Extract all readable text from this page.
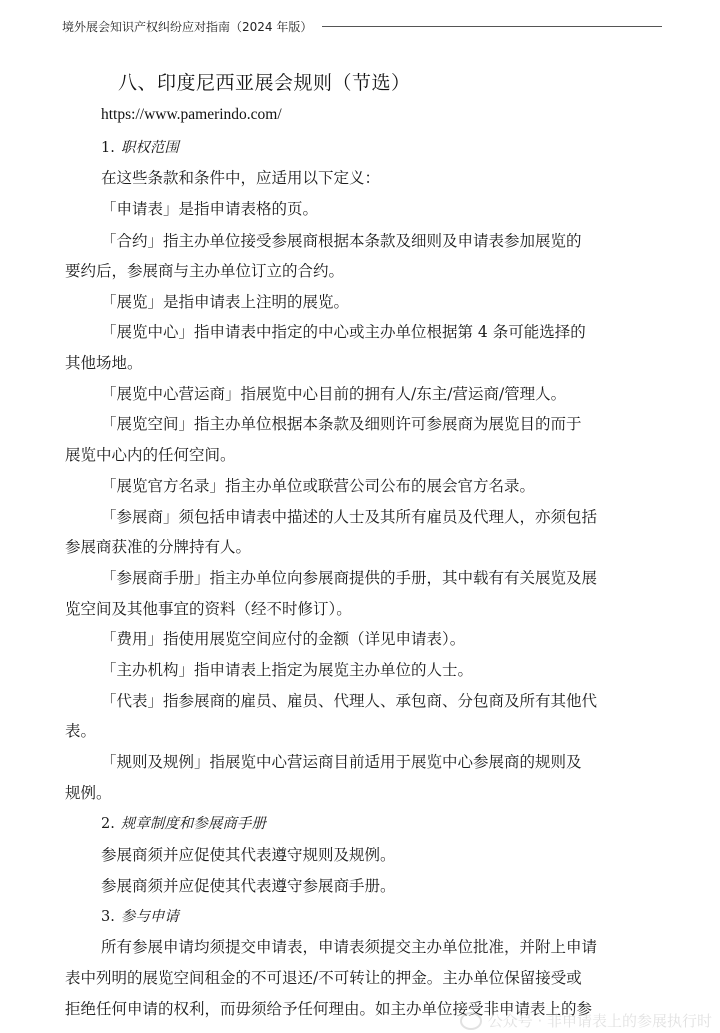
境外展会知识产权纠纷应对指南（2024 年版）
八、印度尼西亚展会规则（节选）
https://www.pamerindo.com/
1. 职权范围
在这些条款和条件中，应适用以下定义：
「申请表」是指申请表格的页。
「合约」指主办单位接受参展商根据本条款及细则及申请表参加展览的
要约后，参展商与主办单位订立的合约。
「展览」是指申请表上注明的展览。
「展览中心」指申请表中指定的中心或主办单位根据第 4 条可能选择的
其他场地。
「展览中心营运商」指展览中心目前的拥有人/东主/营运商/管理人。
「展览空间」指主办单位根据本条款及细则许可参展商为展览目的而于
展览中心内的任何空间。
「展览官方名录」指主办单位或联营公司公布的展会官方名录。
「参展商」须包括申请表中描述的人士及其所有雇员及代理人，亦须包括
参展商获准的分牌持有人。
「参展商手册」指主办单位向参展商提供的手册，其中载有有关展览及展
览空间及其他事宜的资料（经不时修订）。
「费用」指使用展览空间应付的金额（详见申请表）。
「主办机构」指申请表上指定为展览主办单位的人士。
「代表」指参展商的雇员、雇员、代理人、承包商、分包商及所有其他代
表。
「规则及规例」指展览中心营运商目前适用于展览中心参展商的规则及
规例。
2. 规章制度和参展商手册
参展商须并应促使其代表遵守规则及规例。
参展商须并应促使其代表遵守参展商手册。
3. 参与申请
所有参展申请均须提交申请表，申请表须提交主办单位批准，并附上申请
表中列明的展览空间租金的不可退还/不可转让的押金。主办单位保留接受或
拒绝任何申请的权利，而毋须给予任何理由。如主办单位接受非申请表上的参
公众号 · 非申请表上的参展执行时
